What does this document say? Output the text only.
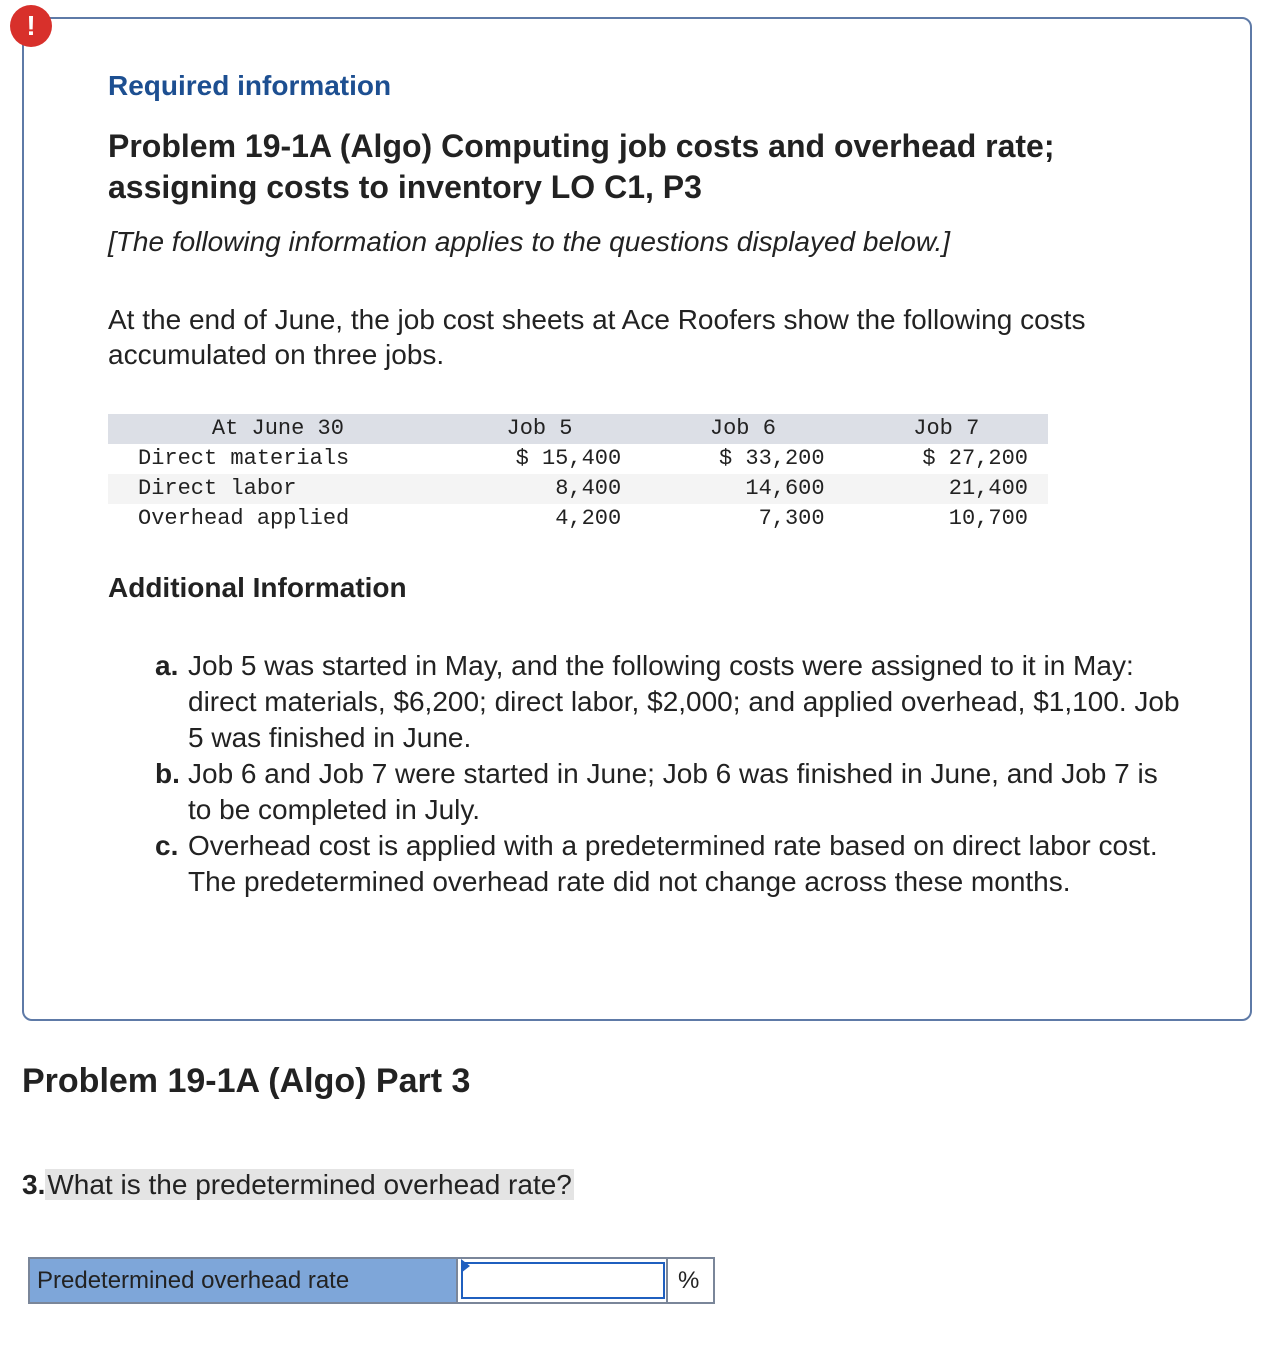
!
Required information
Problem 19-1A (Algo) Computing job costs and overhead rate; assigning costs to inventory LO C1, P3
[The following information applies to the questions displayed below.]
At the end of June, the job cost sheets at Ace Roofers show the following costs accumulated on three jobs.
At June 30	Job 5	Job 6	Job 7
Direct materials	$ 15,400	$ 33,200	$ 27,200
Direct labor	8,400	14,600	21,400
Overhead applied	4,200	7,300	10,700
Additional Information
a. Job 5 was started in May, and the following costs were assigned to it in May: direct materials, $6,200; direct labor, $2,000; and applied overhead, $1,100. Job 5 was finished in June.
b. Job 6 and Job 7 were started in June; Job 6 was finished in June, and Job 7 is to be completed in July.
c. Overhead cost is applied with a predetermined rate based on direct labor cost. The predetermined overhead rate did not change across these months.
Problem 19-1A (Algo) Part 3
3.What is the predetermined overhead rate?
Predetermined overhead rate	%
